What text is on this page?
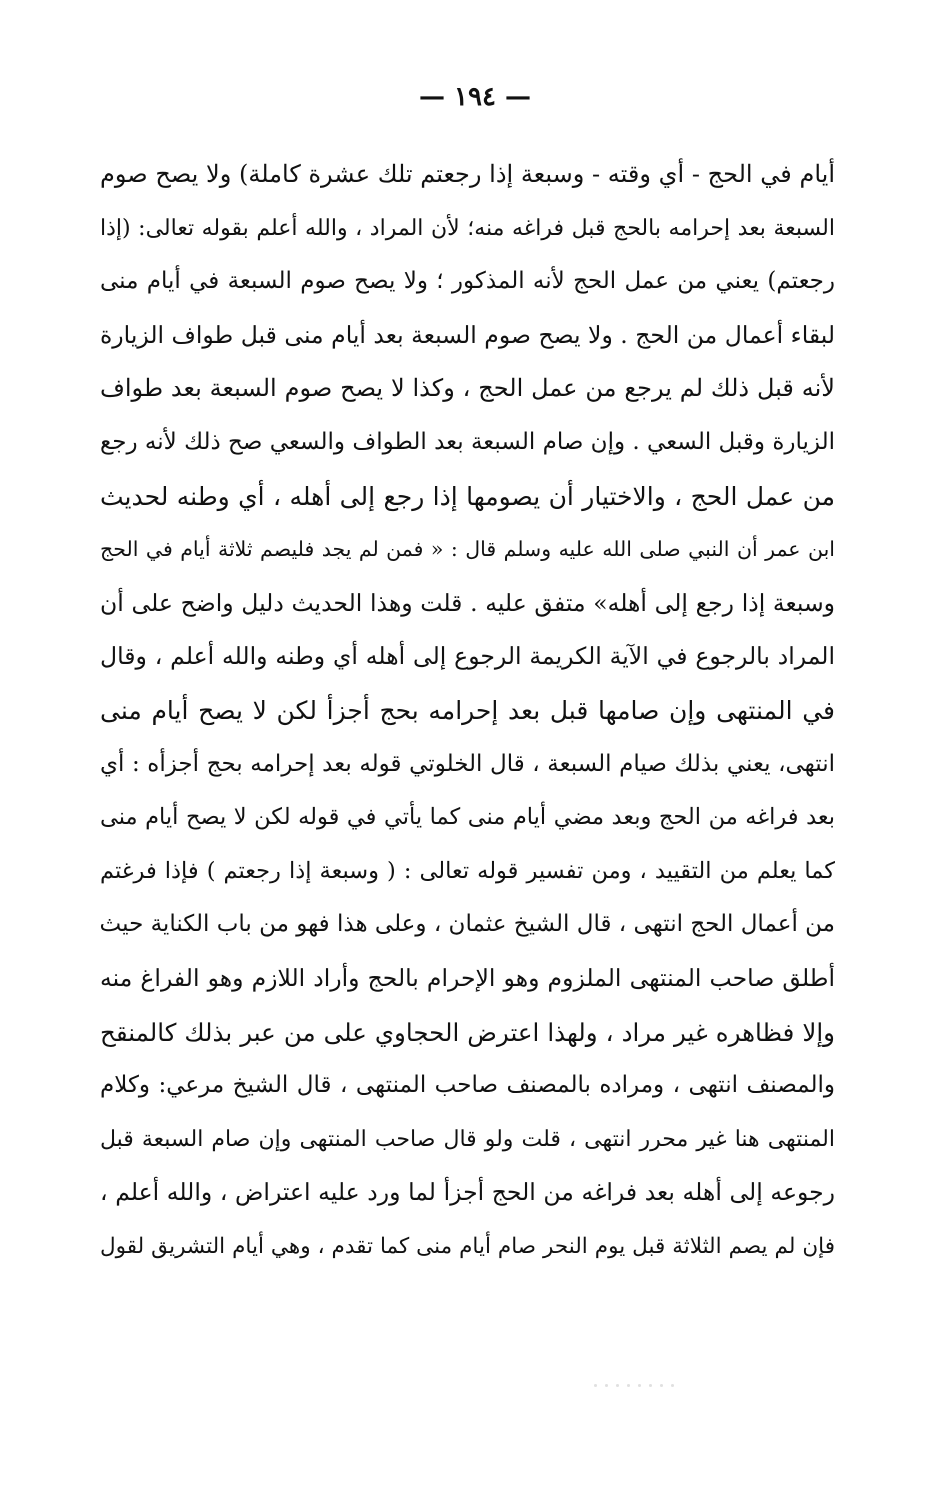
— ١٩٤ —
أيام في الحج - أي وقته - وسبعة إذا رجعتم تلك عشرة كاملة) ولا يصح صوم
السبعة بعد إحرامه بالحج قبل فراغه منه؛ لأن المراد ، والله أعلم بقوله تعالى: (إذا
رجعتم) يعني من عمل الحج لأنه المذكور ؛ ولا يصح صوم السبعة في أيام منى
لبقاء أعمال من الحج . ولا يصح صوم السبعة بعد أيام منى قبل طواف الزيارة
لأنه قبل ذلك لم يرجع من عمل الحج ، وكذا لا يصح صوم السبعة بعد طواف
الزيارة وقبل السعي . وإن صام السبعة بعد الطواف والسعي صح ذلك لأنه رجع
من عمل الحج ، والاختيار أن يصومها إذا رجع إلى أهله ، أي وطنه لحديث
ابن عمر أن النبي صلى الله عليه وسلم قال : « فمن لم يجد فليصم ثلاثة أيام في الحج
وسبعة إذا رجع إلى أهله» متفق عليه . قلت وهذا الحديث دليل واضح على أن
المراد بالرجوع في الآية الكريمة الرجوع إلى أهله أي وطنه والله أعلم ، وقال
في المنتهى وإن صامها قبل بعد إحرامه بحج أجزأ لكن لا يصح أيام منى
انتهى، يعني بذلك صيام السبعة ، قال الخلوتي قوله بعد إحرامه بحج أجزأه : أي
بعد فراغه من الحج وبعد مضي أيام منى كما يأتي في قوله لكن لا يصح أيام منى
كما يعلم من التقييد ، ومن تفسير قوله تعالى : ( وسبعة إذا رجعتم ) فإذا فرغتم
من أعمال الحج انتهى ، قال الشيخ عثمان ، وعلى هذا فهو من باب الكناية حيث
أطلق صاحب المنتهى الملزوم وهو الإحرام بالحج وأراد اللازم وهو الفراغ منه
وإلا فظاهره غير مراد ، ولهذا اعترض الحجاوي على من عبر بذلك كالمنقح
والمصنف انتهى ، ومراده بالمصنف صاحب المنتهى ، قال الشيخ مرعي: وكلام
المنتهى هنا غير محرر انتهى ، قلت ولو قال صاحب المنتهى وإن صام السبعة قبل
رجوعه إلى أهله بعد فراغه من الحج أجزأ لما ورد عليه اعتراض ، والله أعلم ،
فإن لم يصم الثلاثة قبل يوم النحر صام أيام منى كما تقدم ، وهي أيام التشريق لقول
